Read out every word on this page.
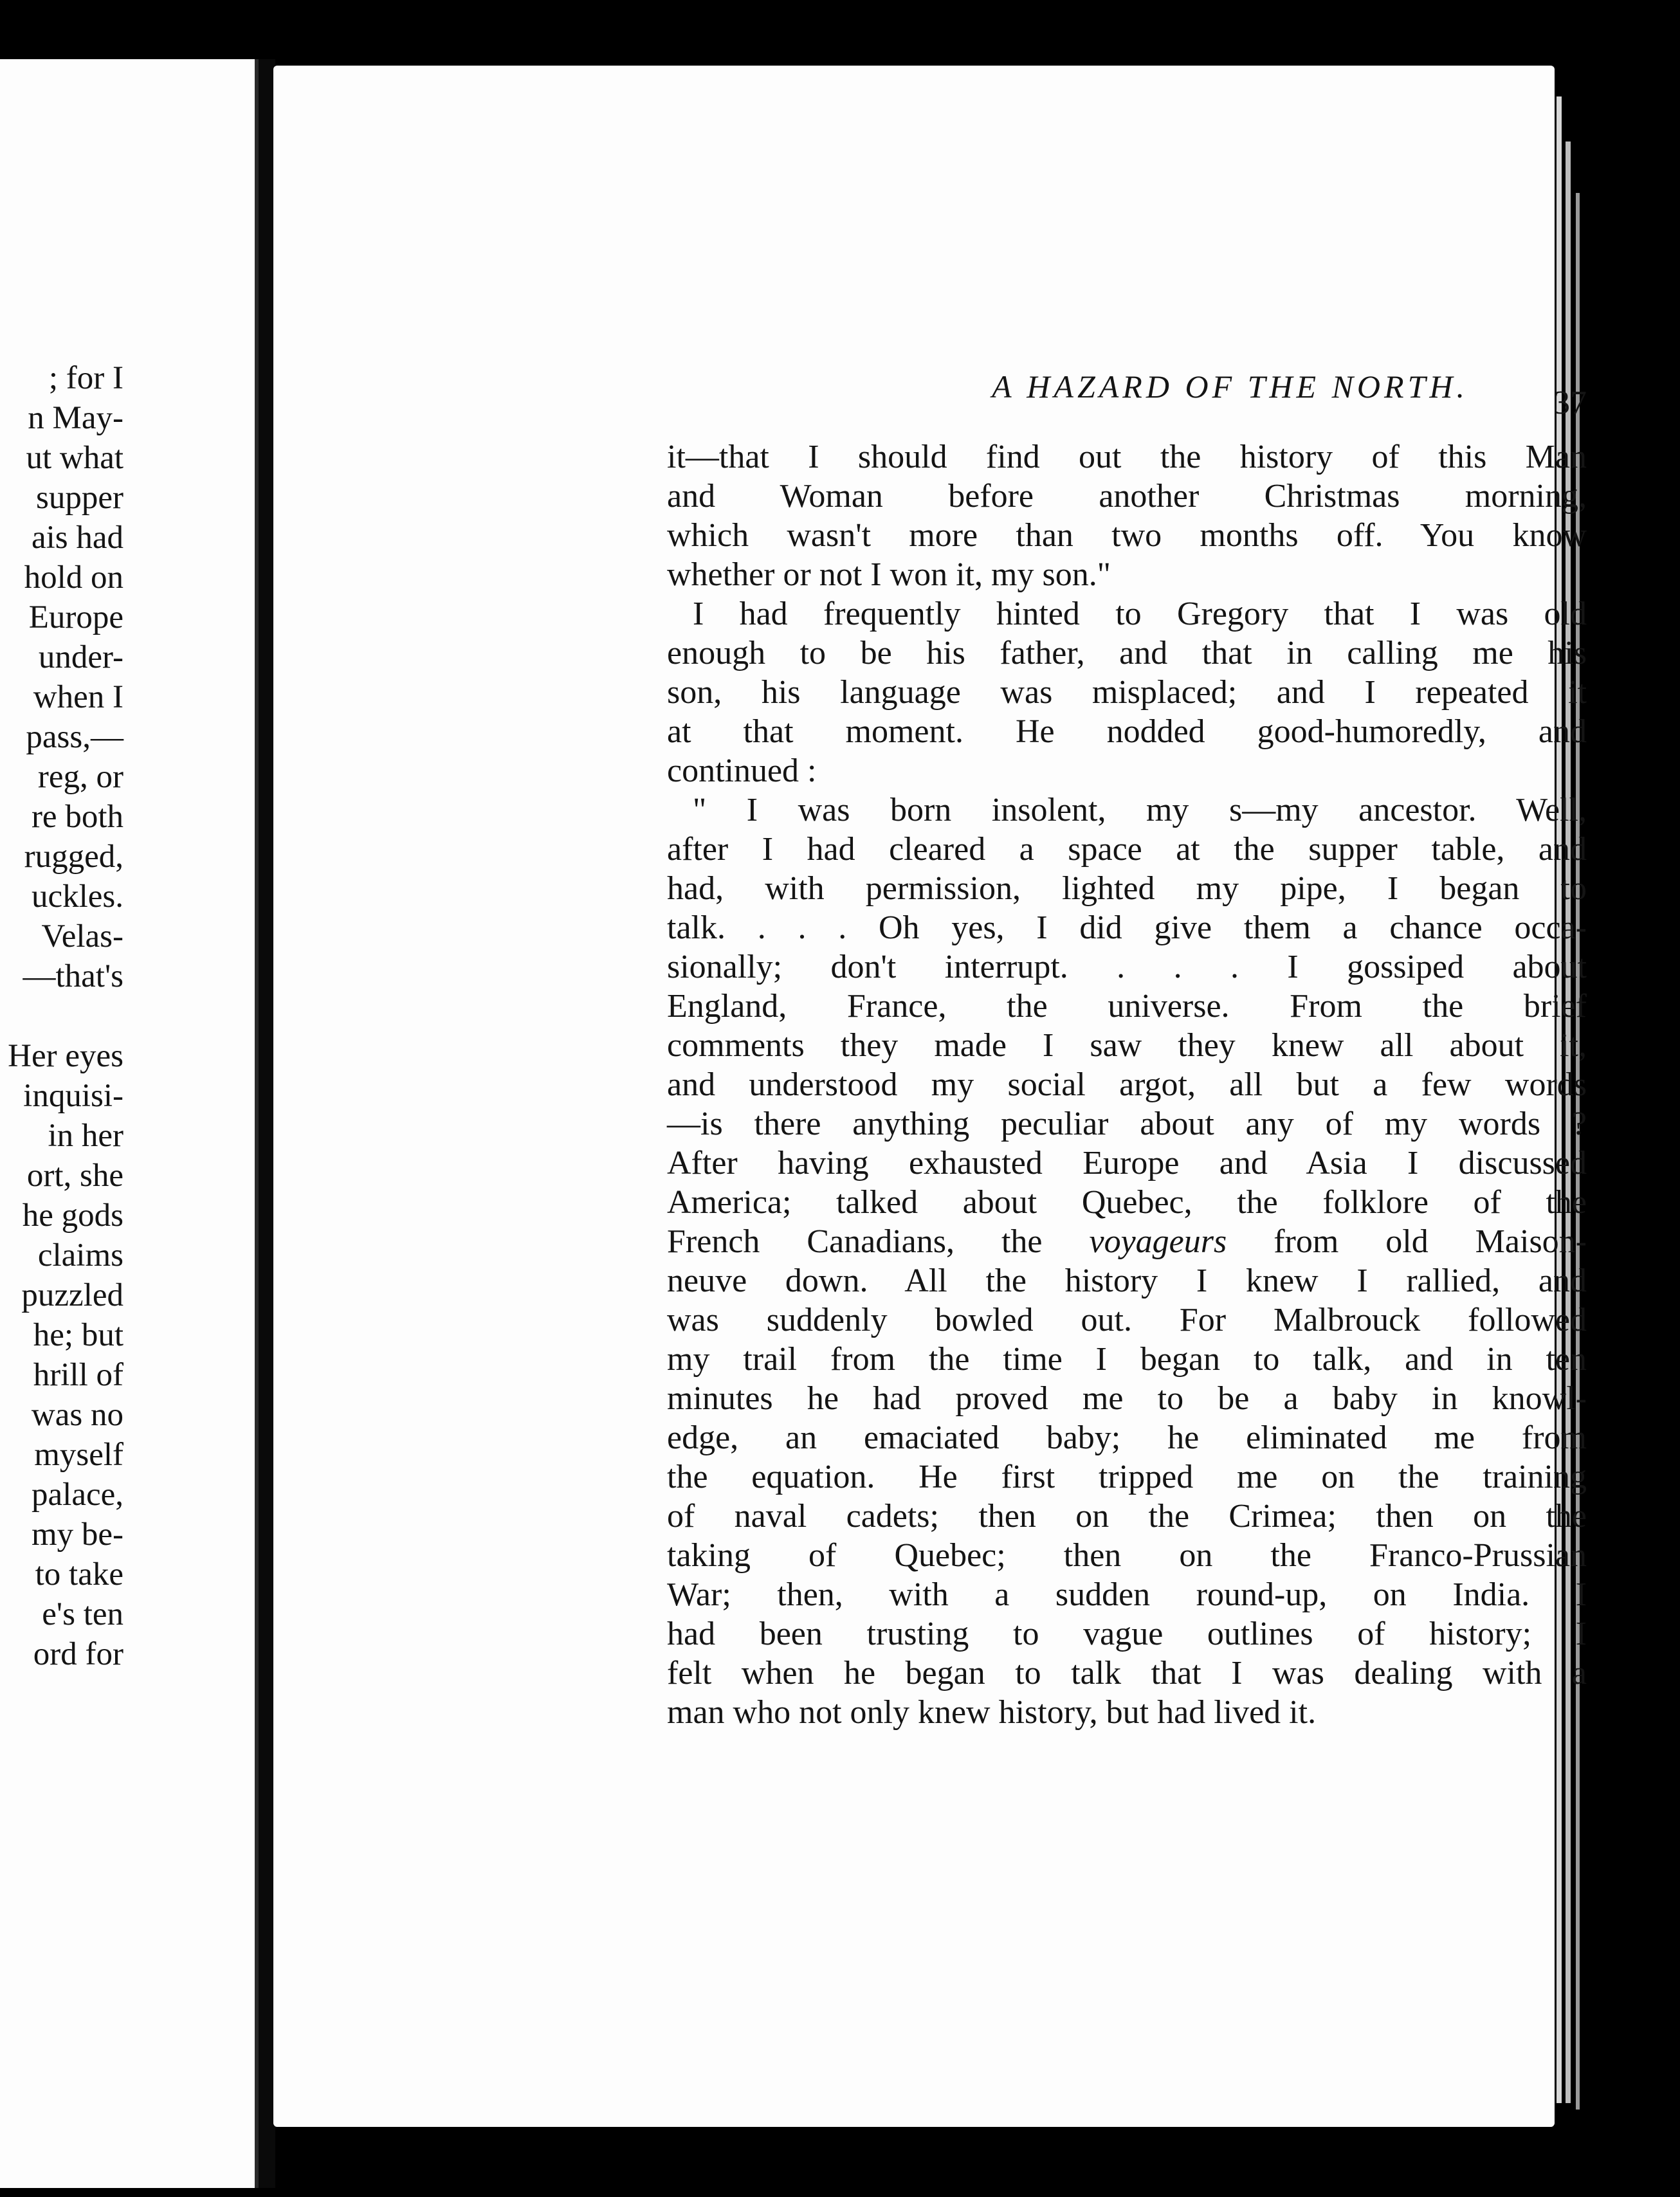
; for I
n May-
ut what
supper
ais had
hold on
Europe
under-
when I
pass,—
reg, or
re both
rugged,
uckles.
Velas-
—that's
Her eyes
inquisi-
in her
ort, she
he gods
claims
puzzled
he; but
hrill of
was no
myself
palace,
my be-
to take
e's ten
ord for
A HAZARD OF THE NORTH.	37
it—that I should find out the history of this Man
and Woman before another Christmas morning,
which wasn't more than two months off. You know
whether or not I won it, my son."
I had frequently hinted to Gregory that I was old
enough to be his father, and that in calling me his
son, his language was misplaced; and I repeated it
at that moment. He nodded good-humoredly, and
continued :
" I was born insolent, my s—my ancestor. Well,
after I had cleared a space at the supper table, and
had, with permission, lighted my pipe, I began to
talk. . . . Oh yes, I did give them a chance occa-
sionally; don't interrupt. . . . I gossiped about
England, France, the universe. From the brief
comments they made I saw they knew all about it,
and understood my social argot, all but a few words
—is there anything peculiar about any of my words ?
After having exhausted Europe and Asia I discussed
America; talked about Quebec, the folklore of the
French Canadians, the voyageurs from old Maison-
neuve down. All the history I knew I rallied, and
was suddenly bowled out. For Malbrouck followed
my trail from the time I began to talk, and in ten
minutes he had proved me to be a baby in knowl-
edge, an emaciated baby; he eliminated me from
the equation. He first tripped me on the training
of naval cadets; then on the Crimea; then on the
taking of Quebec; then on the Franco-Prussian
War; then, with a sudden round-up, on India. I
had been trusting to vague outlines of history; I
felt when he began to talk that I was dealing with a
man who not only knew history, but had lived it.
